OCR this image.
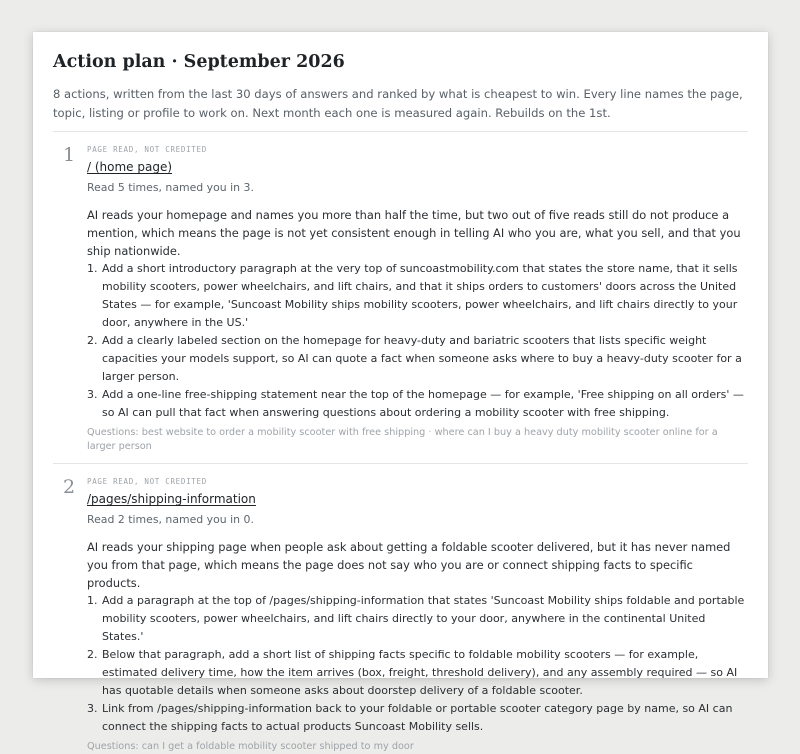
Action plan · September 2026

8 actions, written from the last 30 days of answers and ranked by what is cheapest to win. Every line names the page, topic, listing or profile to work on. Next month each one is measured again. Rebuilds on the 1st.

1 PAGE READ, NOT CREDITED
/ (home page)
Read 5 times, named you in 3.

AI reads your homepage and names you more than half the time, but two out of five reads still do not produce a mention, which means the page is not yet consistent enough in telling AI who you are, what you sell, and that you ship nationwide.

1. Add a short introductory paragraph at the very top of suncoastmobility.com that states the store name, that it sells mobility scooters, power wheelchairs, and lift chairs, and that it ships orders to customers' doors across the United States — for example, 'Suncoast Mobility ships mobility scooters, power wheelchairs, and lift chairs directly to your door, anywhere in the US.'
2. Add a clearly labeled section on the homepage for heavy-duty and bariatric scooters that lists specific weight capacities your models support, so AI can quote a fact when someone asks where to buy a heavy-duty scooter for a larger person.
3. Add a one-line free-shipping statement near the top of the homepage — for example, 'Free shipping on all orders' — so AI can pull that fact when answering questions about ordering a mobility scooter with free shipping.
Questions: best website to order a mobility scooter with free shipping · where can I buy a heavy duty mobility scooter online for a larger person
2 PAGE READ, NOT CREDITED
/pages/shipping-information
Read 2 times, named you in 0.

AI reads your shipping page when people ask about getting a foldable scooter delivered, but it has never named you from that page, which means the page does not say who you are or connect shipping facts to specific products.

1. Add a paragraph at the top of /pages/shipping-information that states 'Suncoast Mobility ships foldable and portable mobility scooters, power wheelchairs, and lift chairs directly to your door, anywhere in the continental United States.'
2. Below that paragraph, add a short list of shipping facts specific to foldable mobility scooters — for example, estimated delivery time, how the item arrives (box, freight, threshold delivery), and any assembly required — so AI has quotable details when someone asks about doorstep delivery of a foldable scooter.
3. Link from /pages/shipping-information back to your foldable or portable scooter category page by name, so AI can connect the shipping facts to actual products Suncoast Mobility sells.
Questions: can I get a foldable mobility scooter shipped to my door
